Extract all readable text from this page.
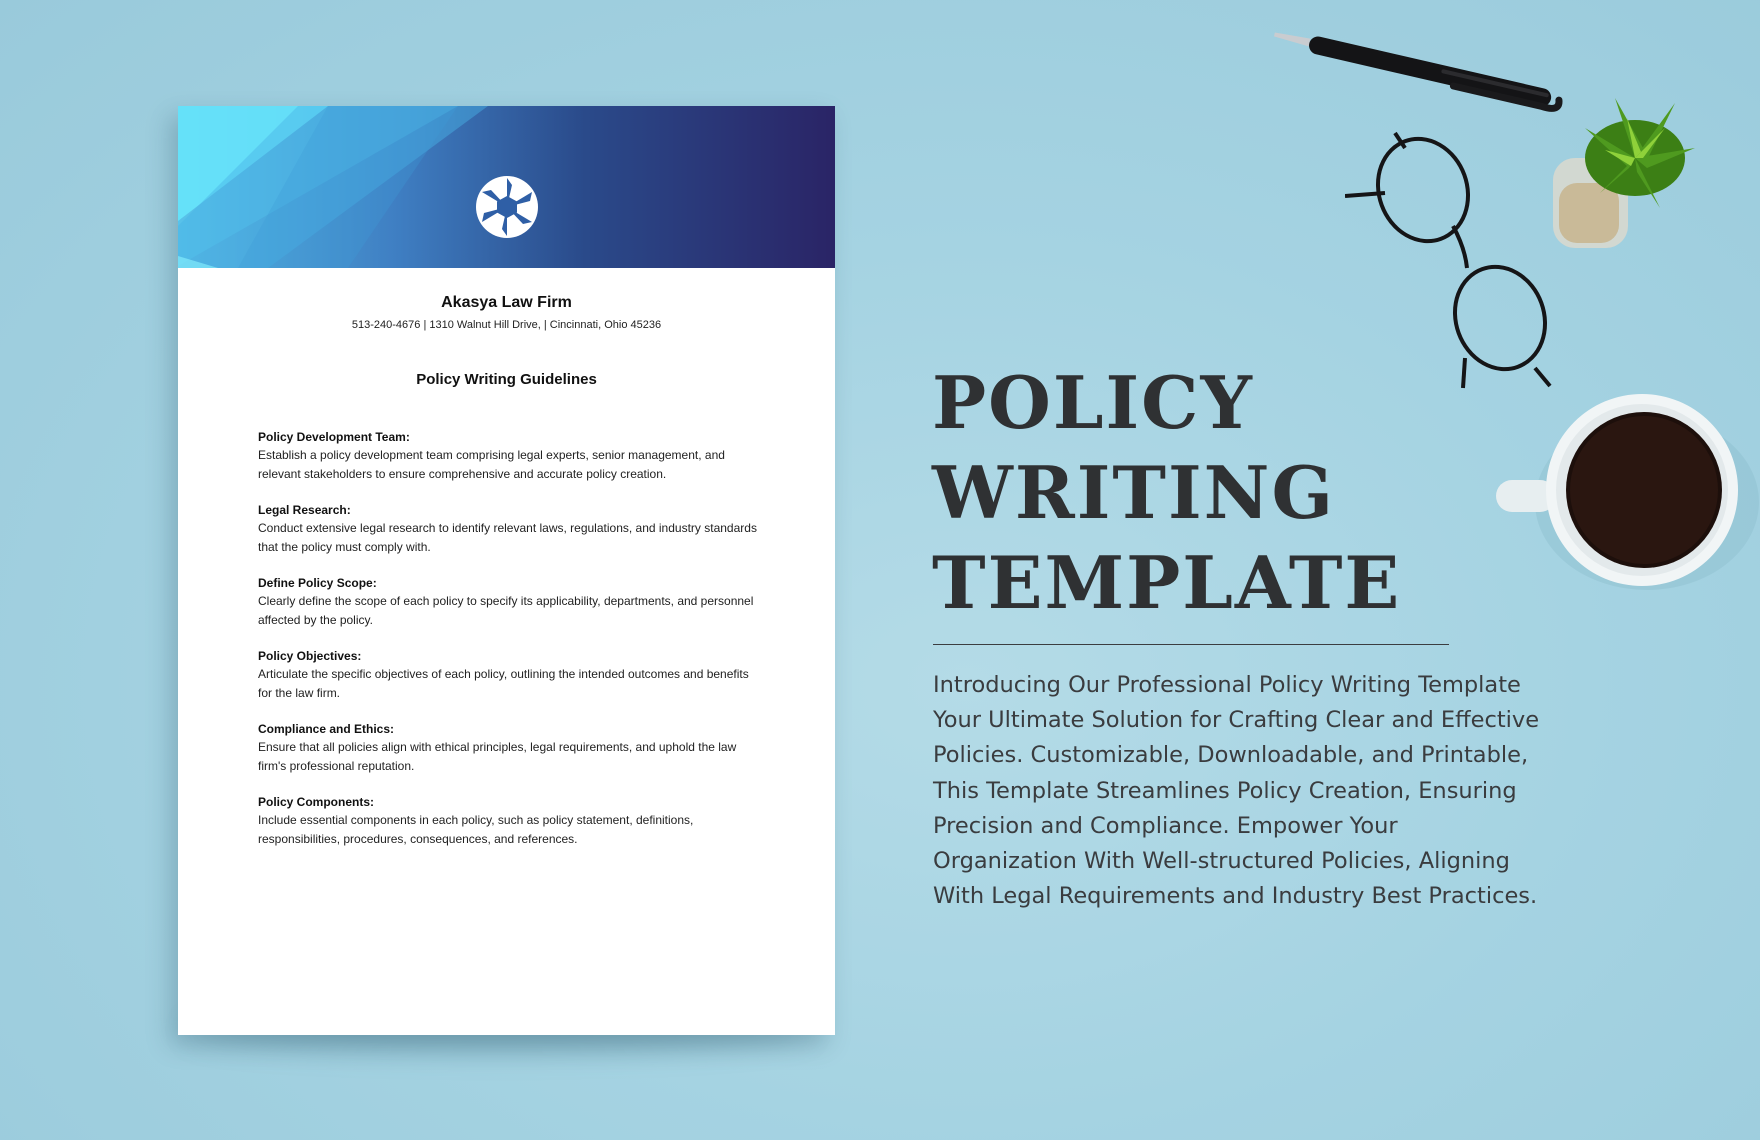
Akasya Law Firm
513-240-4676 | 1310 Walnut Hill Drive, | Cincinnati, Ohio 45236
Policy Writing Guidelines
Policy Development Team:
Establish a policy development team comprising legal experts, senior management, and relevant stakeholders to ensure comprehensive and accurate policy creation.
Legal Research:
Conduct extensive legal research to identify relevant laws, regulations, and industry standards that the policy must comply with.
Define Policy Scope:
Clearly define the scope of each policy to specify its applicability, departments, and personnel affected by the policy.
Policy Objectives:
Articulate the specific objectives of each policy, outlining the intended outcomes and benefits for the law firm.
Compliance and Ethics:
Ensure that all policies align with ethical principles, legal requirements, and uphold the law firm's professional reputation.
Policy Components:
Include essential components in each policy, such as policy statement, definitions, responsibilities, procedures, consequences, and references.
POLICY
WRITING
TEMPLATE
Introducing Our Professional Policy Writing Template Your Ultimate Solution for Crafting Clear and Effective Policies. Customizable, Downloadable, and Printable, This Template Streamlines Policy Creation, Ensuring Precision and Compliance. Empower Your Organization With Well-structured Policies, Aligning With Legal Requirements and Industry Best Practices.
